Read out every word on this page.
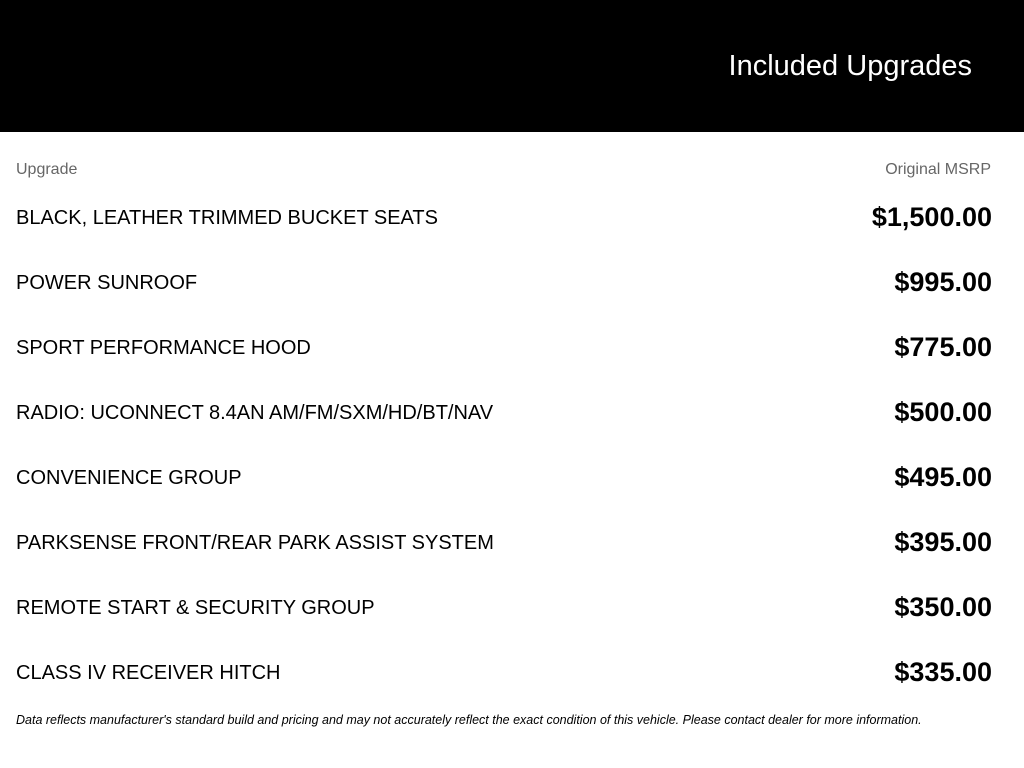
Included Upgrades
Upgrade	Original MSRP
BLACK, LEATHER TRIMMED BUCKET SEATS	$1,500.00
POWER SUNROOF	$995.00
SPORT PERFORMANCE HOOD	$775.00
RADIO: UCONNECT 8.4AN AM/FM/SXM/HD/BT/NAV	$500.00
CONVENIENCE GROUP	$495.00
PARKSENSE FRONT/REAR PARK ASSIST SYSTEM	$395.00
REMOTE START & SECURITY GROUP	$350.00
CLASS IV RECEIVER HITCH	$335.00
Data reflects manufacturer's standard build and pricing and may not accurately reflect the exact condition of this vehicle. Please contact dealer for more information.
